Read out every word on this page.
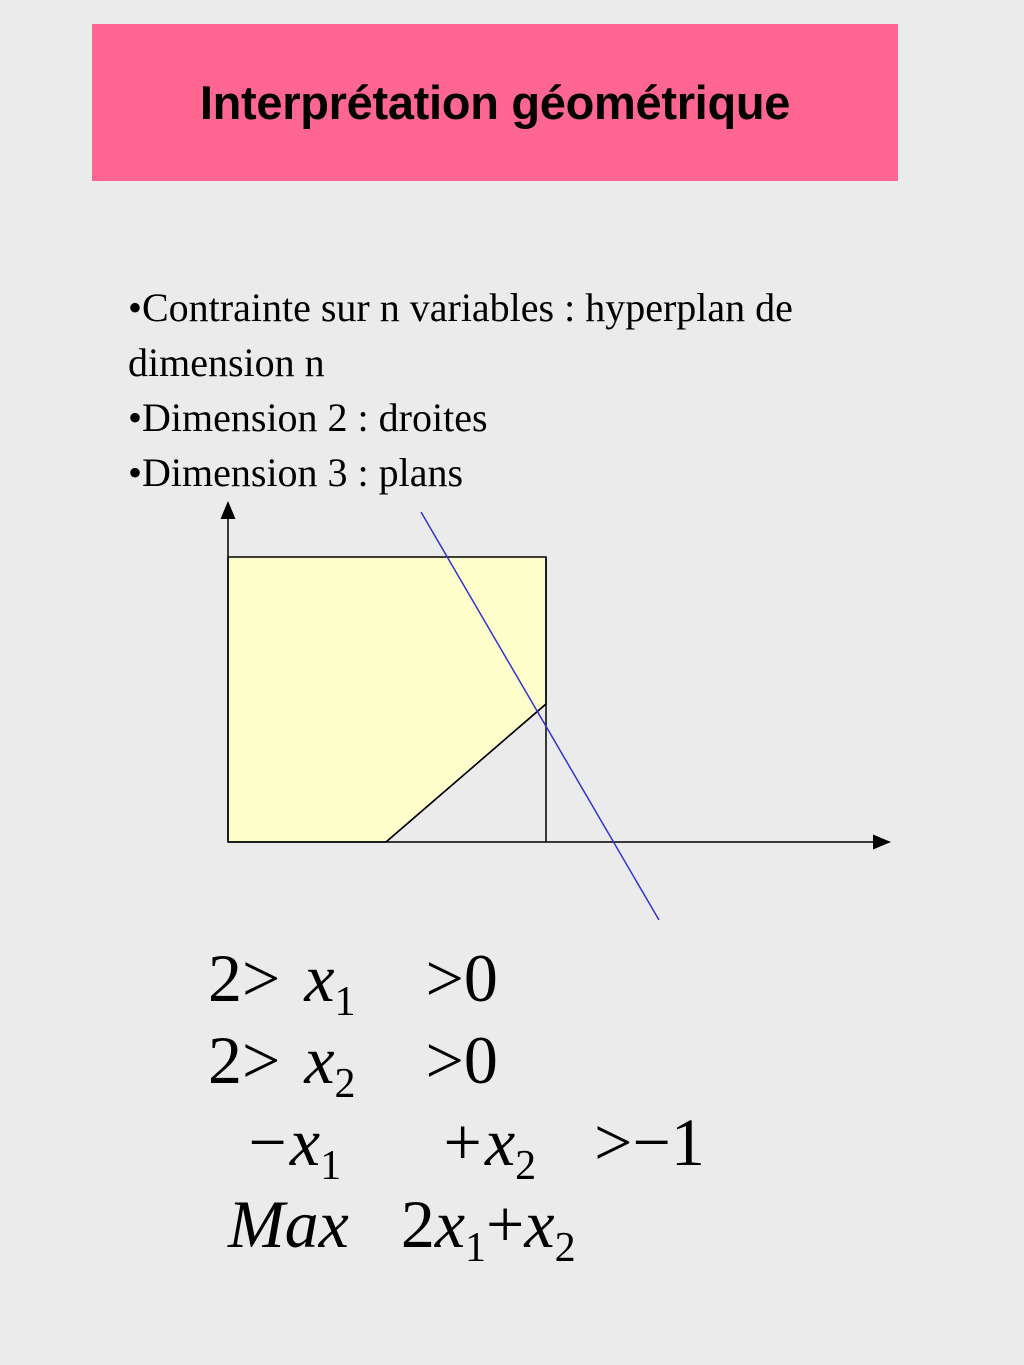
Interprétation géométrique

•Contrainte sur n variables : hyperplan de dimension n

•Dimension 2 : droites

•Dimension 3 : plans

$2> x_1 >0$
$2> x_2 >0$
$-x_1 +x_2 >-1$
Max $2x_1+x_2$
